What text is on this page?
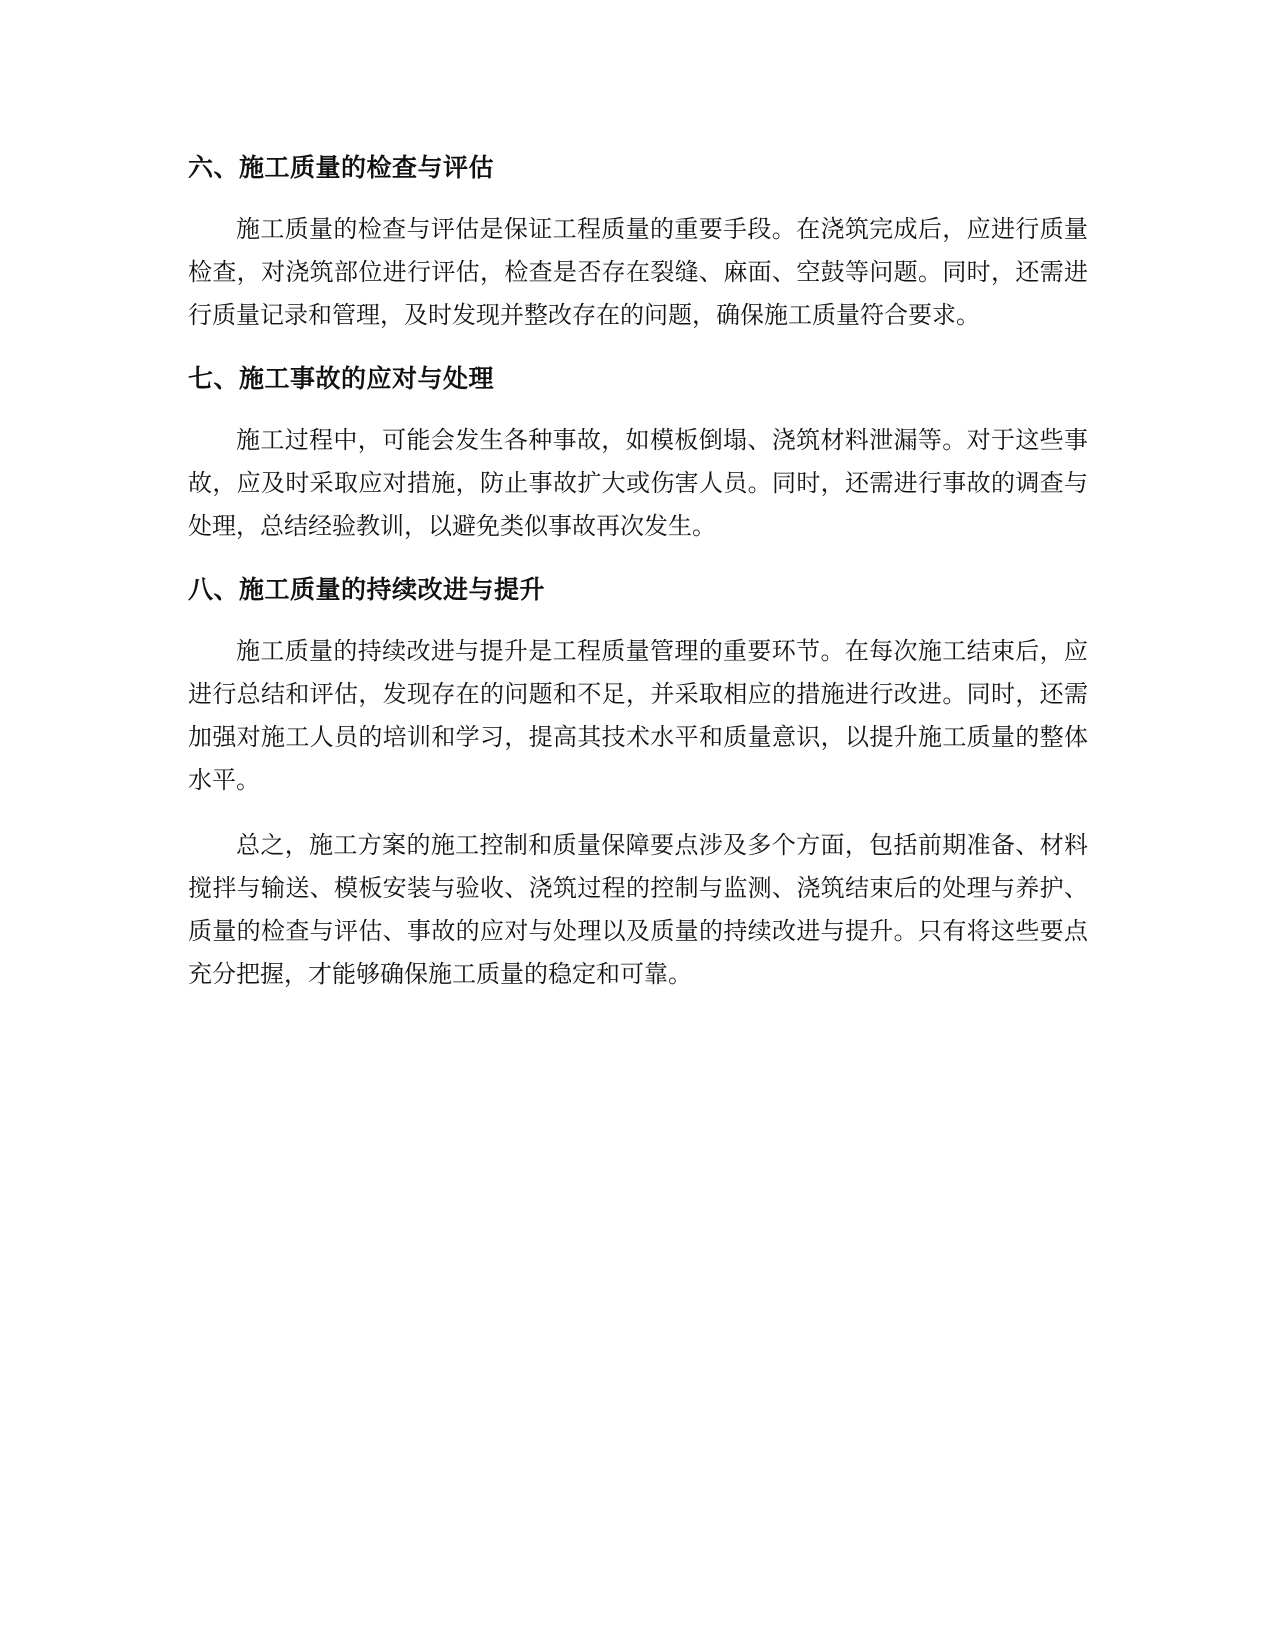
六、施工质量的检查与评估

施工质量的检查与评估是保证工程质量的重要手段。在浇筑完成后，应进行质量检查，对浇筑部位进行评估，检查是否存在裂缝、麻面、空鼓等问题。同时，还需进行质量记录和管理，及时发现并整改存在的问题，确保施工质量符合要求。

七、施工事故的应对与处理

施工过程中，可能会发生各种事故，如模板倒塌、浇筑材料泄漏等。对于这些事故，应及时采取应对措施，防止事故扩大或伤害人员。同时，还需进行事故的调查与处理，总结经验教训，以避免类似事故再次发生。

八、施工质量的持续改进与提升

施工质量的持续改进与提升是工程质量管理的重要环节。在每次施工结束后，应进行总结和评估，发现存在的问题和不足，并采取相应的措施进行改进。同时，还需加强对施工人员的培训和学习，提高其技术水平和质量意识，以提升施工质量的整体水平。

总之，施工方案的施工控制和质量保障要点涉及多个方面，包括前期准备、材料搅拌与输送、模板安装与验收、浇筑过程的控制与监测、浇筑结束后的处理与养护、质量的检查与评估、事故的应对与处理以及质量的持续改进与提升。只有将这些要点充分把握，才能够确保施工质量的稳定和可靠。
